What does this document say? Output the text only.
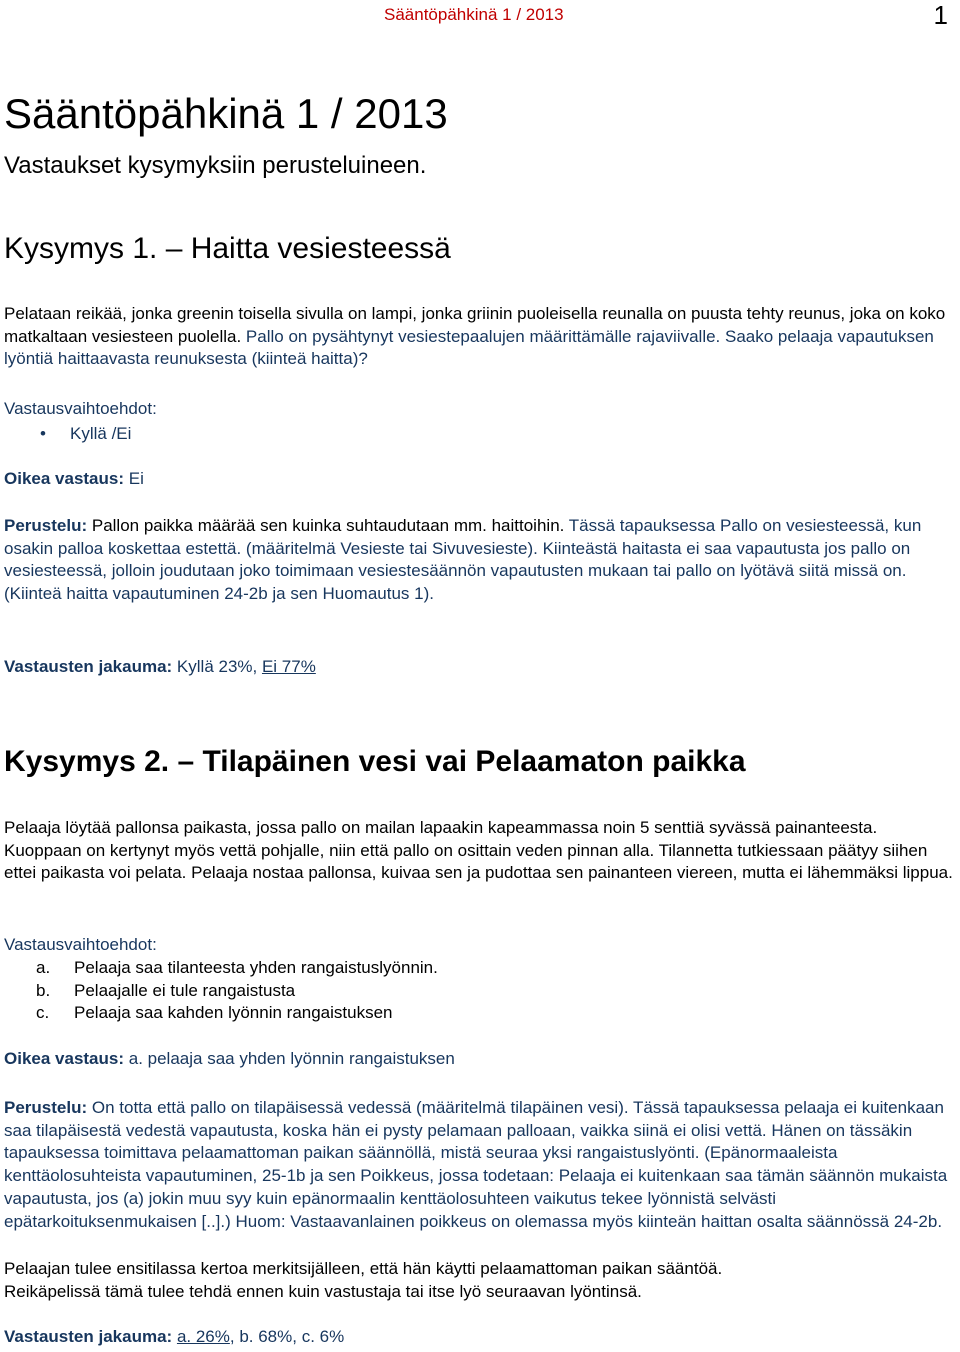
Sääntöpähkinä 1 / 2013	1
Sääntöpähkinä 1 / 2013

Vastaukset kysymyksiin perusteluineen.

Kysymys 1. – Haitta vesiesteessä

Pelataan reikää, jonka greenin toisella sivulla on lampi, jonka griinin puoleisella reunalla on puusta tehty reunus, joka on koko matkaltaan vesiesteen puolella. Pallo on pysähtynyt vesiestepaalujen määrittämälle rajaviivalle. Saako pelaaja vapautuksen lyöntiä haittaavasta reunuksesta (kiinteä haitta)?

Vastausvaihtoehdot:

• Kyllä /Ei

Oikea vastaus: Ei

Perustelu: Pallon paikka määrää sen kuinka suhtaudutaan mm. haittoihin. Tässä tapauksessa Pallo on vesiesteessä, kun osakin palloa koskettaa estettä. (määritelmä Vesieste tai Sivuvesieste). Kiinteästä haitasta ei saa vapautusta jos pallo on vesiesteessä, jolloin joudutaan joko toimimaan vesiestesäännön vapautusten mukaan tai pallo on lyötävä siitä missä on. (Kiinteä haitta vapautuminen 24-2b ja sen Huomautus 1).

Vastausten jakauma: Kyllä 23%, Ei 77%

Kysymys 2. – Tilapäinen vesi vai Pelaamaton paikka

Pelaaja löytää pallonsa paikasta, jossa pallo on mailan lapaakin kapeammassa noin 5 senttiä syvässä painanteesta. Kuoppaan on kertynyt myös vettä pohjalle, niin että pallo on osittain veden pinnan alla. Tilannetta tutkiessaan päätyy siihen ettei paikasta voi pelata. Pelaaja nostaa pallonsa, kuivaa sen ja pudottaa sen painanteen viereen, mutta ei lähemmäksi lippua.

Vastausvaihtoehdot:

a. Pelaaja saa tilanteesta yhden rangaistuslyönnin.
b. Pelaajalle ei tule rangaistusta
c. Pelaaja saa kahden lyönnin rangaistuksen

Oikea vastaus: a. pelaaja saa yhden lyönnin rangaistuksen

Perustelu: On totta että pallo on tilapäisessä vedessä (määritelmä tilapäinen vesi). Tässä tapauksessa pelaaja ei kuitenkaan saa tilapäisestä vedestä vapautusta, koska hän ei pysty pelamaan palloaan, vaikka siinä ei olisi vettä. Hänen on tässäkin tapauksessa toimittava pelaamattoman paikan säännöllä, mistä seuraa yksi rangaistuslyönti. (Epänormaaleista kenttäolosuhteista vapautuminen, 25-1b ja sen Poikkeus, jossa todetaan: Pelaaja ei kuitenkaan saa tämän säännön mukaista vapautusta, jos (a) jokin muu syy kuin epänormaalin kenttäolosuhteen vaikutus tekee lyönnistä selvästi epätarkoituksenmukaisen [..].) Huom: Vastaavanlainen poikkeus on olemassa myös kiinteän haittan osalta säännössä 24-2b.

Pelaajan tulee ensitilassa kertoa merkitsijälleen, että hän käytti pelaamattoman paikan sääntöä.

Reikäpelissä tämä tulee tehdä ennen kuin vastustaja tai itse lyö seuraavan lyöntinsä.

Vastausten jakauma: a. 26%, b. 68%, c. 6%
